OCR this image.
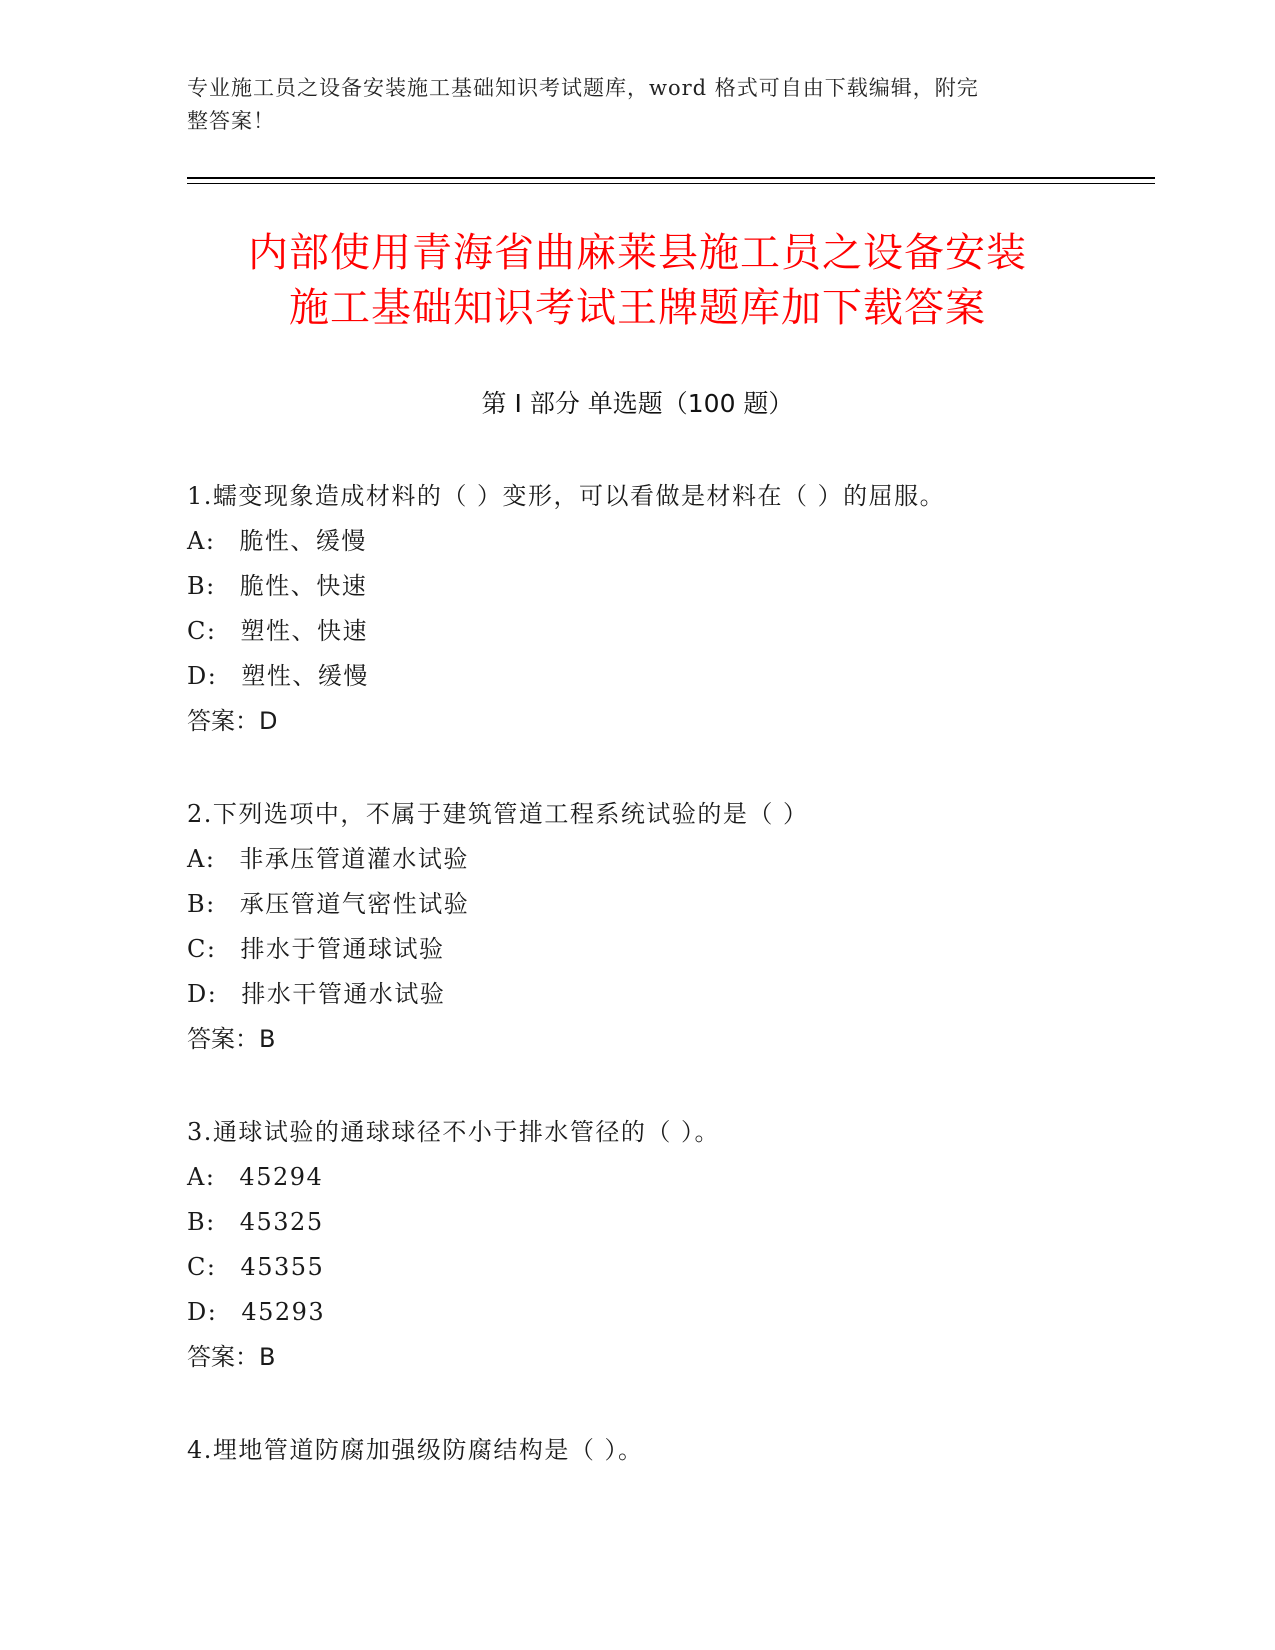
专业施工员之设备安装施工基础知识考试题库，word 格式可自由下载编辑，附完
整答案！
内部使用青海省曲麻莱县施工员之设备安装
施工基础知识考试王牌题库加下载答案
第 I 部分 单选题（100 题）
1.蠕变现象造成材料的（ ）变形，可以看做是材料在（ ）的屈服。
A: 脆性、缓慢
B: 脆性、快速
C: 塑性、快速
D: 塑性、缓慢
答案：D
2.下列选项中，不属于建筑管道工程系统试验的是（ ）
A: 非承压管道灌水试验
B: 承压管道气密性试验
C: 排水于管通球试验
D: 排水干管通水试验
答案：B
3.通球试验的通球球径不小于排水管径的（ ）。
A: 45294
B: 45325
C: 45355
D: 45293
答案：B
4.埋地管道防腐加强级防腐结构是（ ）。
